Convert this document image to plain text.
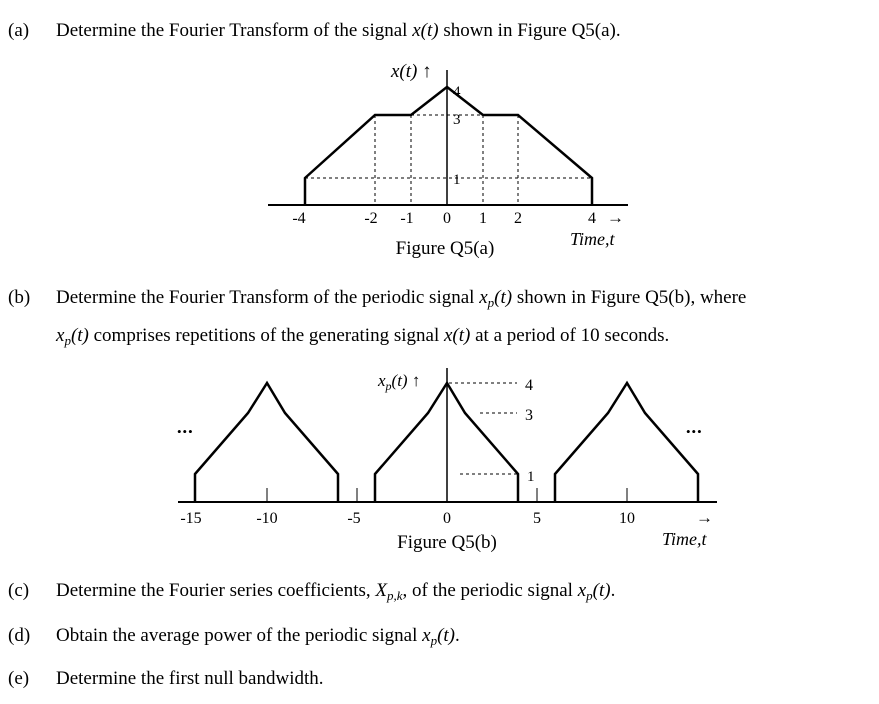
(a) Determine the Fourier Transform of the signal x(t) shown in Figure Q5(a).
(b) Determine the Fourier Transform of the periodic signal $x_p(t)$ shown in Figure Q5(b), where
$x_p(t)$ comprises repetitions of the generating signal x(t) at a period of 10 seconds.
(c) Determine the Fourier series coefficients, $X_{p,k}$, of the periodic signal $x_p(t)$.
(d) Obtain the average power of the periodic signal $x_p(t)$.
(e) Determine the first null bandwidth.
4
3
1
x(t) ↑
-4	-2 -1 0 1 2	4 →
Time,t
Figure Q5(a)
•••	•••
4
3
1
$x_p(t)$ ↑
-15	-10	-5	0	5	10	→
Time,t
Figure Q5(b)
